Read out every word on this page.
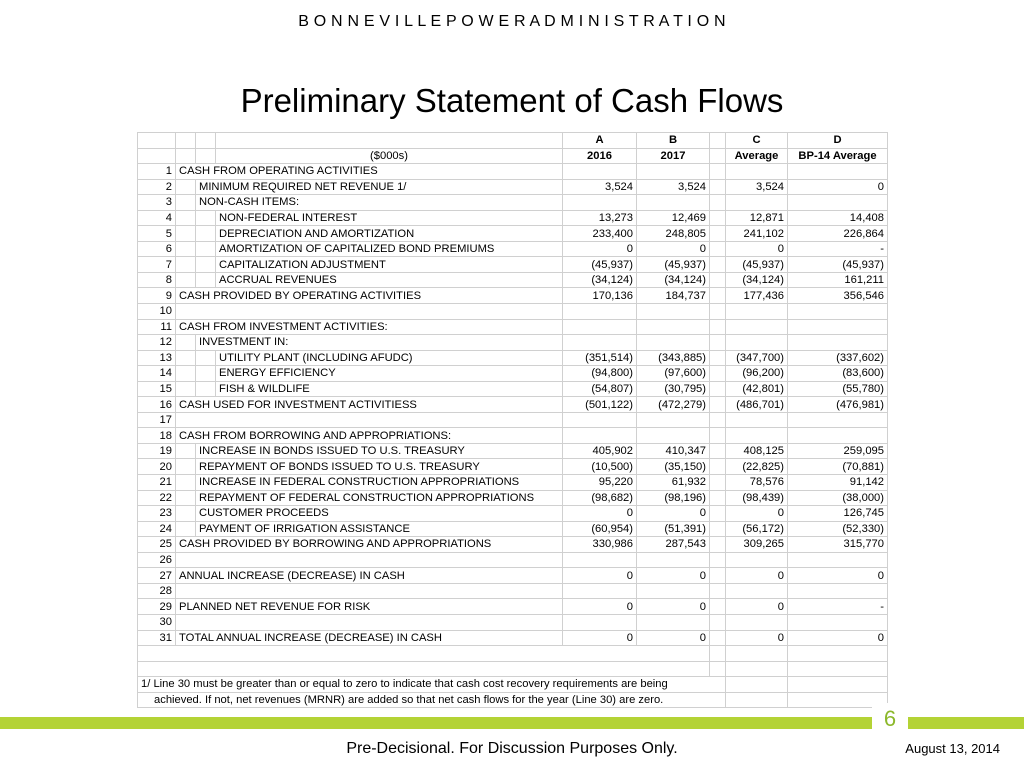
B O N N E V I L L E P O W E R A D M I N I S T R A T I O N
Preliminary Statement of Cash Flows
				A	B		C	D
			($000s)	2016	2017		Average	BP-14 Average
1	CASH FROM OPERATING ACTIVITIES							
2		MINIMUM REQUIRED NET REVENUE 1/		3,524	3,524		3,524	0
3		NON-CASH ITEMS:						
4			NON-FEDERAL INTEREST	13,273	12,469		12,871	14,408
5			DEPRECIATION AND AMORTIZATION	233,400	248,805		241,102	226,864
6			AMORTIZATION OF CAPITALIZED BOND PREMIUMS	0	0		0	-
7			CAPITALIZATION ADJUSTMENT	(45,937)	(45,937)		(45,937)	(45,937)
8			ACCRUAL REVENUES	(34,124)	(34,124)		(34,124)	161,211
9	CASH PROVIDED BY OPERATING ACTIVITIES			170,136	184,737		177,436	356,546
10								
11	CASH FROM INVESTMENT ACTIVITIES:							
12		INVESTMENT IN:						
13			UTILITY PLANT (INCLUDING AFUDC)	(351,514)	(343,885)		(347,700)	(337,602)
14			ENERGY EFFICIENCY	(94,800)	(97,600)		(96,200)	(83,600)
15			FISH & WILDLIFE	(54,807)	(30,795)		(42,801)	(55,780)
16	CASH USED FOR INVESTMENT ACTIVITIESS			(501,122)	(472,279)		(486,701)	(476,981)
17								
18	CASH FROM BORROWING AND APPROPRIATIONS:							
19		INCREASE IN BONDS ISSUED TO U.S. TREASURY		405,902	410,347		408,125	259,095
20		REPAYMENT OF BONDS ISSUED TO U.S. TREASURY		(10,500)	(35,150)		(22,825)	(70,881)
21		INCREASE IN FEDERAL CONSTRUCTION APPROPRIATIONS		95,220	61,932		78,576	91,142
22		REPAYMENT OF FEDERAL CONSTRUCTION APPROPRIATIONS		(98,682)	(98,196)		(98,439)	(38,000)
23		CUSTOMER PROCEEDS		0	0		0	126,745
24		PAYMENT OF IRRIGATION ASSISTANCE		(60,954)	(51,391)		(56,172)	(52,330)
25	CASH PROVIDED BY BORROWING AND APPROPRIATIONS			330,986	287,543		309,265	315,770
26								
27	ANNUAL INCREASE (DECREASE) IN CASH			0	0		0	0
28								
29	PLANNED NET REVENUE FOR RISK			0	0		0	-
30								
31	TOTAL ANNUAL INCREASE (DECREASE) IN CASH			0	0		0	0

1/ Line 30 must be greater than or equal to zero to indicate that cash cost recovery requirements are being								
achieved. If not, net revenues (MRNR) are added so that net cash flows for the year (Line 30) are zero.								
6
Pre-Decisional. For Discussion Purposes Only.	August 13, 2014
